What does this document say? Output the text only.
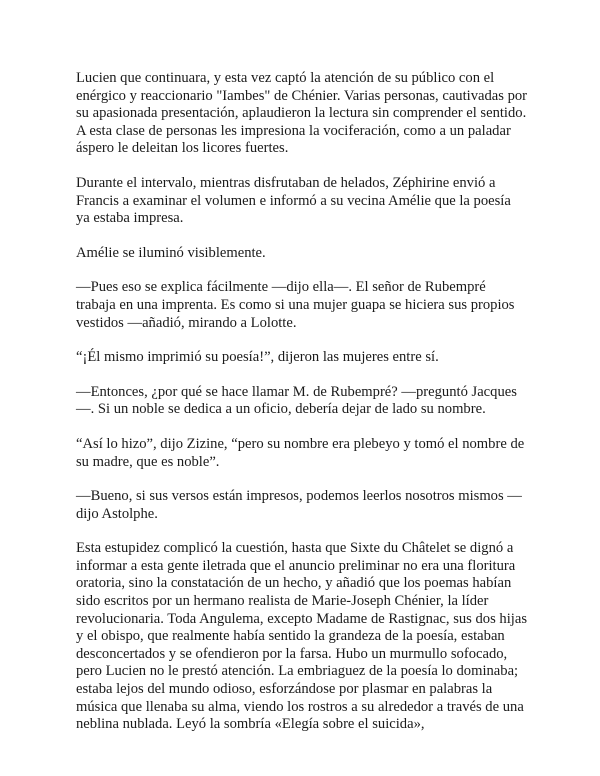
Lucien que continuara, y esta vez captó la atención de su público con el enérgico y reaccionario "Iambes" de Chénier. Varias personas, cautivadas por su apasionada presentación, aplaudieron la lectura sin comprender el sentido. A esta clase de personas les impresiona la vociferación, como a un paladar áspero le deleitan los licores fuertes.

Durante el intervalo, mientras disfrutaban de helados, Zéphirine envió a Francis a examinar el volumen e informó a su vecina Amélie que la poesía ya estaba impresa.

Amélie se iluminó visiblemente.

—Pues eso se explica fácilmente —dijo ella—. El señor de Rubempré trabaja en una imprenta. Es como si una mujer guapa se hiciera sus propios vestidos —añadió, mirando a Lolotte.

“¡Él mismo imprimió su poesía!”, dijeron las mujeres entre sí.

—Entonces, ¿por qué se hace llamar M. de Rubempré? —preguntó Jacques —. Si un noble se dedica a un oficio, debería dejar de lado su nombre.

“Así lo hizo”, dijo Zizine, “pero su nombre era plebeyo y tomó el nombre de su madre, que es noble”.

—Bueno, si sus versos están impresos, podemos leerlos nosotros mismos —dijo Astolphe.

Esta estupidez complicó la cuestión, hasta que Sixte du Châtelet se dignó a informar a esta gente iletrada que el anuncio preliminar no era una floritura oratoria, sino la constatación de un hecho, y añadió que los poemas habían sido escritos por un hermano realista de Marie-Joseph Chénier, la líder revolucionaria. Toda Angulema, excepto Madame de Rastignac, sus dos hijas y el obispo, que realmente había sentido la grandeza de la poesía, estaban desconcertados y se ofendieron por la farsa. Hubo un murmullo sofocado, pero Lucien no le prestó atención. La embriaguez de la poesía lo dominaba; estaba lejos del mundo odioso, esforzándose por plasmar en palabras la música que llenaba su alma, viendo los rostros a su alrededor a través de una neblina nublada. Leyó la sombría «Elegía sobre el suicida»,
